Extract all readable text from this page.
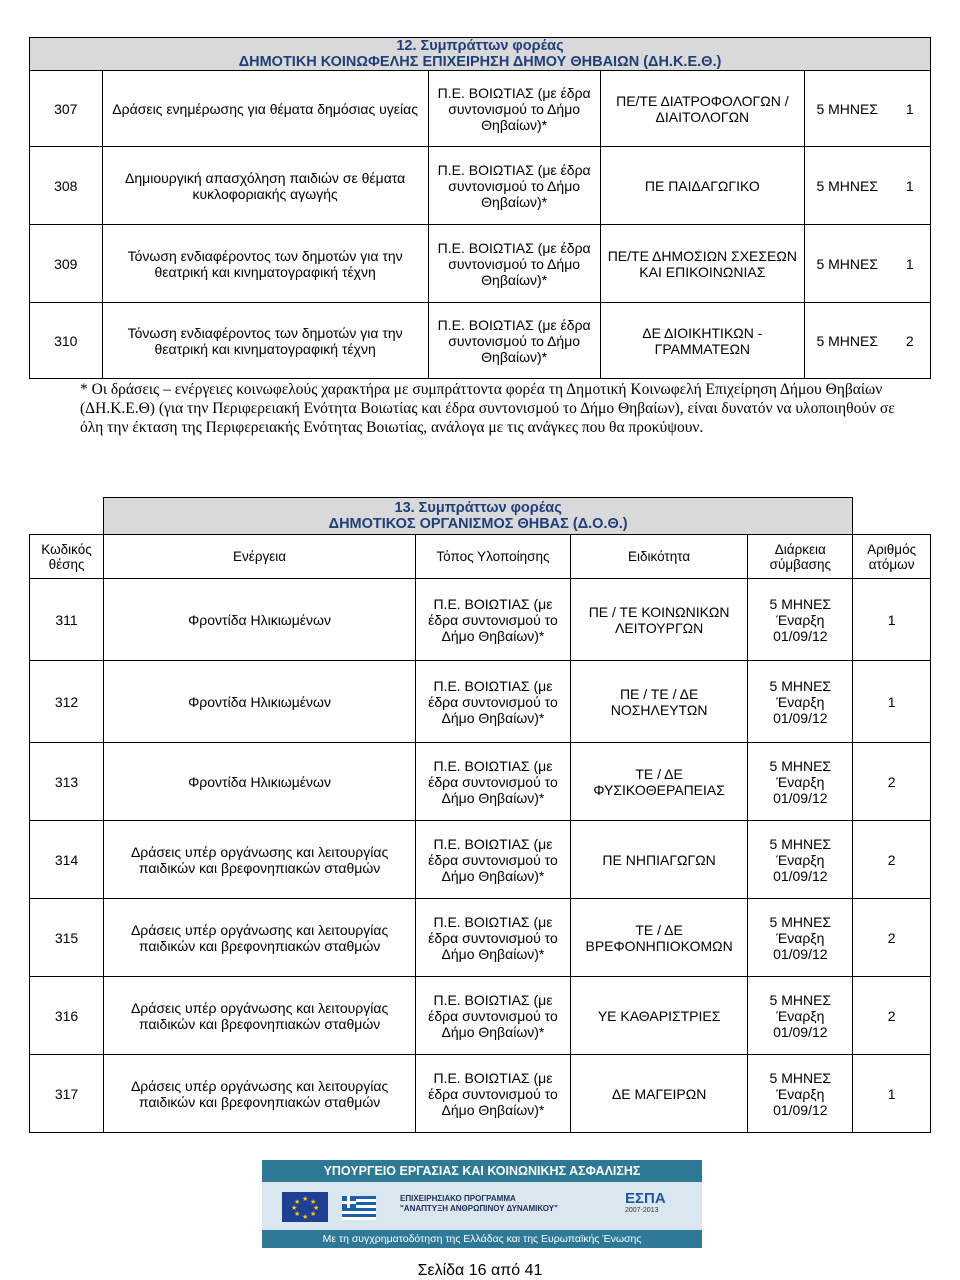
12. Συμπράττων φορέας
ΔΗΜΟΤΙΚΗ ΚΟΙΝΩΦΕΛΗΣ ΕΠΙΧΕΙΡΗΣΗ ΔΗΜΟΥ ΘΗΒΑΙΩΝ (ΔΗ.Κ.Ε.Θ.)					

307	Δράσεις ενημέρωσης για θέματα δημόσιας υγείας	Π.Ε. ΒΟΙΩΤΙΑΣ (με έδρα συντονισμού το Δήμο Θηβαίων)*	ΠΕ/ΤΕ ΔΙΑΤΡΟΦΟΛΟΓΩΝ /ΔΙΑΙΤΟΛΟΓΩΝ	5 ΜΗΝΕΣ	1
308	Δημιουργική απασχόληση παιδιών σε θέματα κυκλοφοριακής αγωγής	Π.Ε. ΒΟΙΩΤΙΑΣ (με έδρα συντονισμού το Δήμο Θηβαίων)*	ΠΕ ΠΑΙΔΑΓΩΓΙΚΟ	5 ΜΗΝΕΣ	1
309	Τόνωση ενδιαφέροντος των δημοτών για την θεατρική και κινηματογραφική τέχνη	Π.Ε. ΒΟΙΩΤΙΑΣ (με έδρα συντονισμού το Δήμο Θηβαίων)*	ΠΕ/ΤΕ ΔΗΜΟΣΙΩΝ ΣΧΕΣΕΩΝ ΚΑΙ ΕΠΙΚΟΙΝΩΝΙΑΣ	5 ΜΗΝΕΣ	1
310	Τόνωση ενδιαφέροντος των δημοτών για την θεατρική και κινηματογραφική τέχνη	Π.Ε. ΒΟΙΩΤΙΑΣ (με έδρα συντονισμού το Δήμο Θηβαίων)*	ΔΕ ΔΙΟΙΚΗΤΙΚΩΝ - ΓΡΑΜΜΑΤΕΩΝ	5 ΜΗΝΕΣ	2
* Οι δράσεις – ενέργειες κοινωφελούς χαρακτήρα με συμπράττοντα φορέα τη Δημοτική Κοινωφελή Επιχείρηση Δήμου Θηβαίων (ΔΗ.Κ.Ε.Θ) (για την Περιφερειακή Ενότητα Βοιωτίας και έδρα συντονισμού το Δήμο Θηβαίων), είναι δυνατόν να υλοποιηθούν σε όλη την έκταση της Περιφερειακής Ενότητας Βοιωτίας, ανάλογα με τις ανάγκες που θα προκύψουν.

	13. Συμπράττων φορέας
ΔΗΜΟΤΙΚΟΣ ΟΡΓΑΝΙΣΜΟΣ ΘΗΒΑΣ (Δ.Ο.Θ.)				

Κωδικός θέσης	Ενέργεια	Τόπος Υλοποίησης	Ειδικότητα	Διάρκεια σύμβασης	Αριθμός ατόμων
311	Φροντίδα Ηλικιωμένων	Π.Ε. ΒΟΙΩΤΙΑΣ (με έδρα συντονισμού το Δήμο Θηβαίων)*	ΠΕ / ΤΕ ΚΟΙΝΩΝΙΚΩΝ ΛΕΙΤΟΥΡΓΩΝ	5 ΜΗΝΕΣ Έναρξη 01/09/12	1
312	Φροντίδα Ηλικιωμένων	Π.Ε. ΒΟΙΩΤΙΑΣ (με έδρα συντονισμού το Δήμο Θηβαίων)*	ΠΕ / ΤΕ / ΔΕ ΝΟΣΗΛΕΥΤΩΝ	5 ΜΗΝΕΣ Έναρξη 01/09/12	1
313	Φροντίδα Ηλικιωμένων	Π.Ε. ΒΟΙΩΤΙΑΣ (με έδρα συντονισμού το Δήμο Θηβαίων)*	ΤΕ / ΔΕ ΦΥΣΙΚΟΘΕΡΑΠΕΙΑΣ	5 ΜΗΝΕΣ Έναρξη 01/09/12	2
314	Δράσεις υπέρ οργάνωσης και λειτουργίας παιδικών και βρεφονηπιακών σταθμών	Π.Ε. ΒΟΙΩΤΙΑΣ (με έδρα συντονισμού το Δήμο Θηβαίων)*	ΠΕ ΝΗΠΙΑΓΩΓΩΝ	5 ΜΗΝΕΣ Έναρξη 01/09/12	2
315	Δράσεις υπέρ οργάνωσης και λειτουργίας παιδικών και βρεφονηπιακών σταθμών	Π.Ε. ΒΟΙΩΤΙΑΣ (με έδρα συντονισμού το Δήμο Θηβαίων)*	ΤΕ / ΔΕ ΒΡΕΦΟΝΗΠΙΟΚΟΜΩΝ	5 ΜΗΝΕΣ Έναρξη 01/09/12	2
316	Δράσεις υπέρ οργάνωσης και λειτουργίας παιδικών και βρεφονηπιακών σταθμών	Π.Ε. ΒΟΙΩΤΙΑΣ (με έδρα συντονισμού το Δήμο Θηβαίων)*	ΥΕ ΚΑΘΑΡΙΣΤΡΙΕΣ	5 ΜΗΝΕΣ Έναρξη 01/09/12	2
317	Δράσεις υπέρ οργάνωσης και λειτουργίας παιδικών και βρεφονηπιακών σταθμών	Π.Ε. ΒΟΙΩΤΙΑΣ (με έδρα συντονισμού το Δήμο Θηβαίων)*	ΔΕ ΜΑΓΕΙΡΩΝ	5 ΜΗΝΕΣ Έναρξη 01/09/12	1
ΥΠΟΥΡΓΕΙΟ ΕΡΓΑΣΙΑΣ ΚΑΙ ΚΟΙΝΩΝΙΚΗΣ ΑΣΦΑΛΙΣΗΣ
★ ★
★
★
★
★
★
★	ΕΠΙΧΕΙΡΗΣΙΑΚΟ ΠΡΟΓΡΑΜΜΑ
"ΑΝΑΠΤΥΞΗ ΑΝΘΡΩΠΙΝΟΥ ΔΥΝΑΜΙΚΟΥ"
ΕΣΠΑ
2007-2013
Με τη συγχρηματοδότηση της Ελλάδας και της Ευρωπαϊκής Ένωσης
Σελίδα 16 από 41
